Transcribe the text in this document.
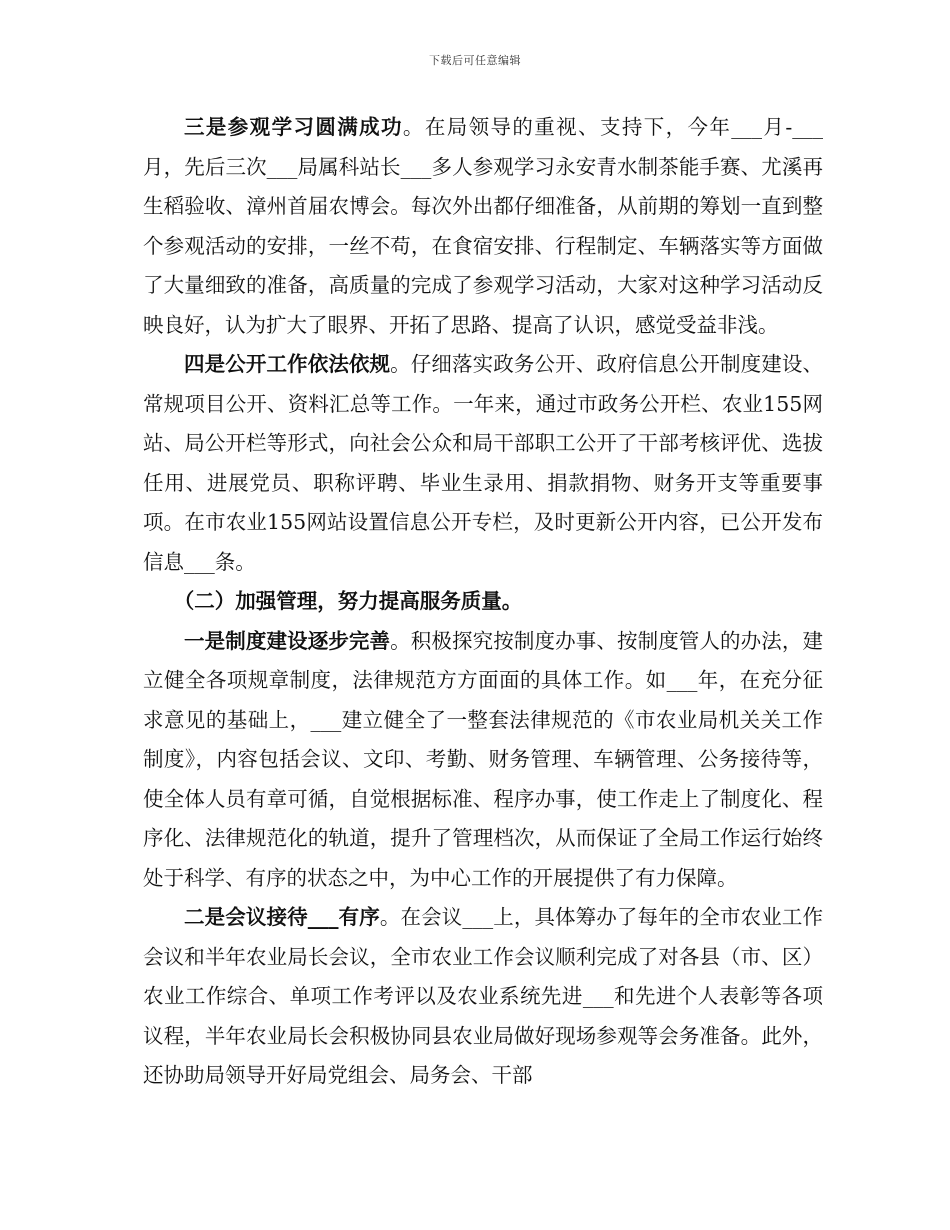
下载后可任意编辑

三是参观学习圆满成功。在局领导的重视、支持下，今年___月-___月，先后三次___局属科站长___多人参观学习永安青水制茶能手赛、尤溪再生稻验收、漳州首届农博会。每次外出都仔细准备，从前期的筹划一直到整个参观活动的安排，一丝不苟，在食宿安排、行程制定、车辆落实等方面做了大量细致的准备，高质量的完成了参观学习活动，大家对这种学习活动反映良好，认为扩大了眼界、开拓了思路、提高了认识，感觉受益非浅。

四是公开工作依法依规。仔细落实政务公开、政府信息公开制度建设、常规项目公开、资料汇总等工作。一年来，通过市政务公开栏、农业155网站、局公开栏等形式，向社会公众和局干部职工公开了干部考核评优、选拔任用、进展党员、职称评聘、毕业生录用、捐款捐物、财务开支等重要事项。在市农业155网站设置信息公开专栏，及时更新公开内容，已公开发布信息___条。

（二）加强管理，努力提高服务质量。

一是制度建设逐步完善。积极探究按制度办事、按制度管人的办法，建立健全各项规章制度，法律规范方方面面的具体工作。如___年，在充分征求意见的基础上，___建立健全了一整套法律规范的《市农业局机关关工作制度》，内容包括会议、文印、考勤、财务管理、车辆管理、公务接待等，使全体人员有章可循，自觉根据标准、程序办事，使工作走上了制度化、程序化、法律规范化的轨道，提升了管理档次，从而保证了全局工作运行始终处于科学、有序的状态之中，为中心工作的开展提供了有力保障。

二是会议接待___有序。在会议___上，具体筹办了每年的全市农业工作会议和半年农业局长会议，全市农业工作会议顺利完成了对各县（市、区）农业工作综合、单项工作考评以及农业系统先进___和先进个人表彰等各项议程，半年农业局长会积极协同县农业局做好现场参观等会务准备。此外，还协助局领导开好局党组会、局务会、干部
